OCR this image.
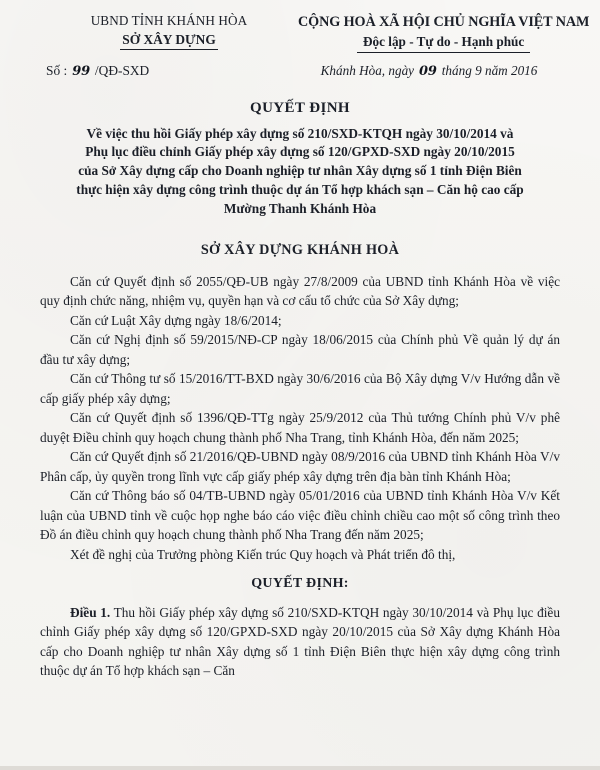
UBND TỈNH KHÁNH HÒA
SỞ XÂY DỰNG
CỘNG HOÀ XÃ HỘI CHỦ NGHĨA VIỆT NAM
Độc lập - Tự do - Hạnh phúc
Số : 99 /QĐ-SXD	Khánh Hòa, ngày 09 tháng 9 năm 2016
QUYẾT ĐỊNH
Về việc thu hồi Giấy phép xây dựng số 210/SXD-KTQH ngày 30/10/2014 và
Phụ lục điều chỉnh Giấy phép xây dựng số 120/GPXD-SXD ngày 20/10/2015
của Sở Xây dựng cấp cho Doanh nghiệp tư nhân Xây dựng số 1 tỉnh Điện Biên
thực hiện xây dựng công trình thuộc dự án Tổ hợp khách sạn – Căn hộ cao cấp
Mường Thanh Khánh Hòa
SỞ XÂY DỰNG KHÁNH HOÀ

Căn cứ Quyết định số 2055/QĐ-UB ngày 27/8/2009 của UBND tỉnh Khánh Hòa về việc quy định chức năng, nhiệm vụ, quyền hạn và cơ cấu tổ chức của Sở Xây dựng;

Căn cứ Luật Xây dựng ngày 18/6/2014;

Căn cứ Nghị định số 59/2015/NĐ-CP ngày 18/06/2015 của Chính phủ Về quản lý dự án đầu tư xây dựng;

Căn cứ Thông tư số 15/2016/TT-BXD ngày 30/6/2016 của Bộ Xây dựng V/v Hướng dẫn về cấp giấy phép xây dựng;

Căn cứ Quyết định số 1396/QĐ-TTg ngày 25/9/2012 của Thủ tướng Chính phủ V/v phê duyệt Điều chỉnh quy hoạch chung thành phố Nha Trang, tỉnh Khánh Hòa, đến năm 2025;

Căn cứ Quyết định số 21/2016/QĐ-UBND ngày 08/9/2016 của UBND tỉnh Khánh Hòa V/v Phân cấp, ủy quyền trong lĩnh vực cấp giấy phép xây dựng trên địa bàn tỉnh Khánh Hòa;

Căn cứ Thông báo số 04/TB-UBND ngày 05/01/2016 của UBND tỉnh Khánh Hòa V/v Kết luận của UBND tỉnh về cuộc họp nghe báo cáo việc điều chỉnh chiều cao một số công trình theo Đồ án điều chỉnh quy hoạch chung thành phố Nha Trang đến năm 2025;

Xét đề nghị của Trưởng phòng Kiến trúc Quy hoạch và Phát triển đô thị,

QUYẾT ĐỊNH:

Điều 1. Thu hồi Giấy phép xây dựng số 210/SXD-KTQH ngày 30/10/2014 và Phụ lục điều chỉnh Giấy phép xây dựng số 120/GPXD-SXD ngày 20/10/2015 của Sở Xây dựng Khánh Hòa cấp cho Doanh nghiệp tư nhân Xây dựng số 1 tỉnh Điện Biên thực hiện xây dựng công trình thuộc dự án Tổ hợp khách sạn – Căn
